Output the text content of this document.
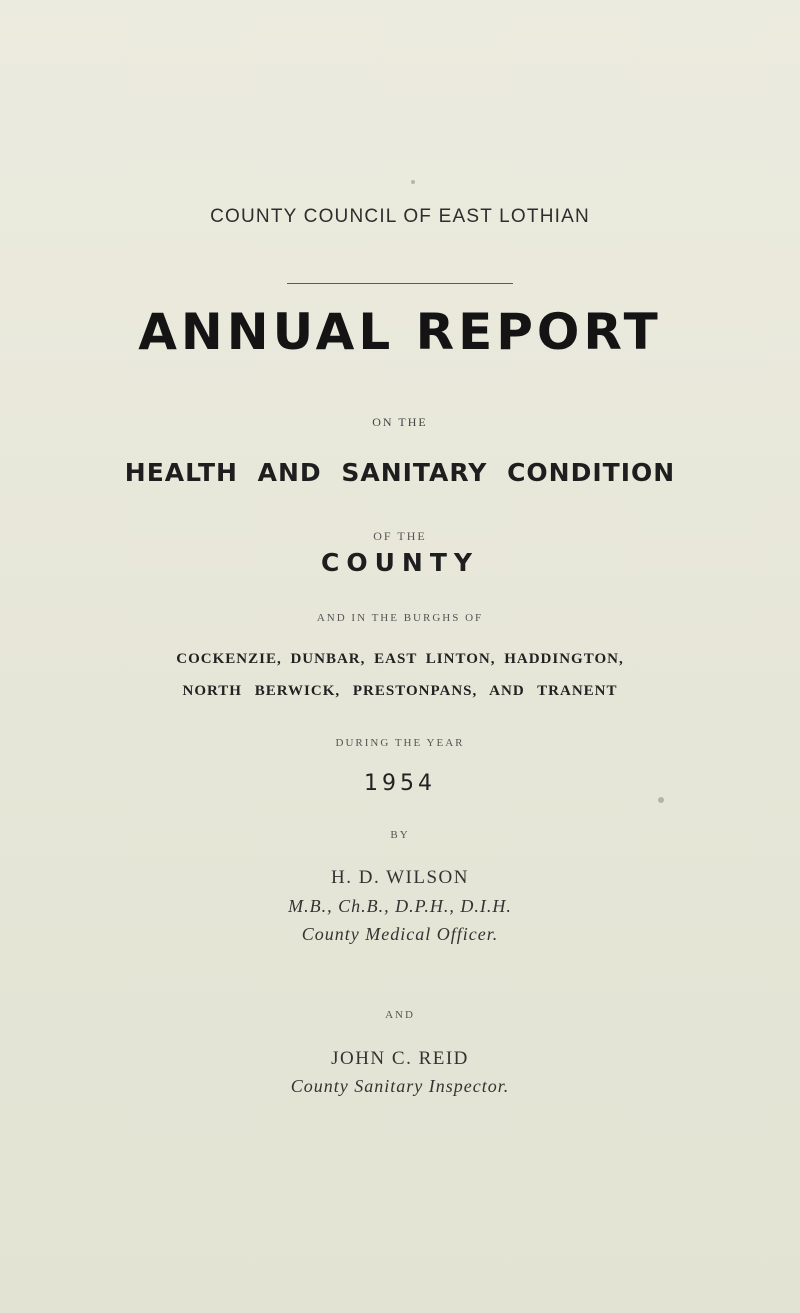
COUNTY COUNCIL OF EAST LOTHIAN
ANNUAL REPORT
ON THE
HEALTH AND SANITARY CONDITION
OF THE
COUNTY
AND IN THE BURGHS OF
COCKENZIE, DUNBAR, EAST LINTON, HADDINGTON,
NORTH BERWICK, PRESTONPANS, AND TRANENT
DURING THE YEAR
1954
BY
H. D. WILSON
M.B., Ch.B., D.P.H., D.I.H.
County Medical Officer.
AND
JOHN C. REID
County Sanitary Inspector.
